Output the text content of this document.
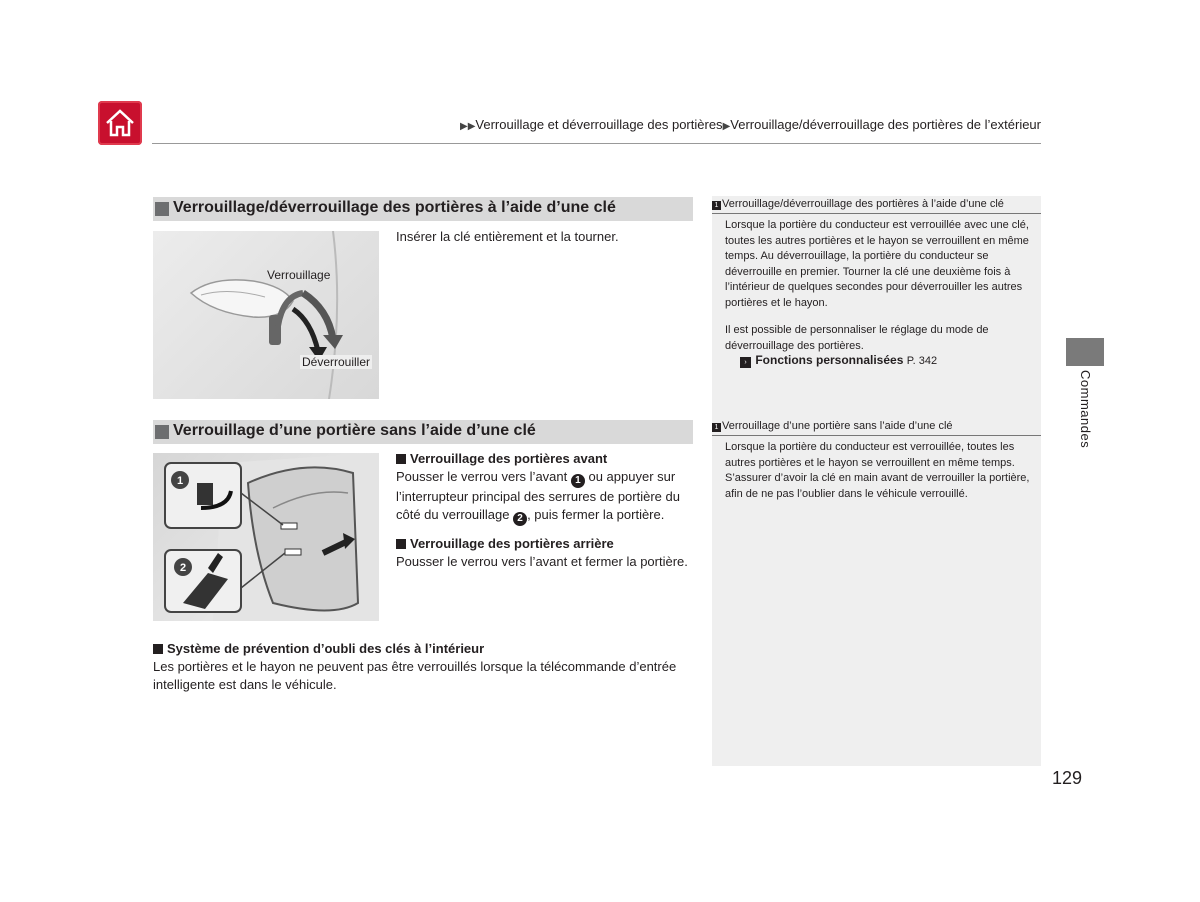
▶▶Verrouillage et déverrouillage des portières▶Verrouillage/déverrouillage des portières de l’extérieur
Verrouillage/déverrouillage des portières à l’aide d’une clé
Verrouillage
Déverrouiller
Insérer la clé entièrement et la tourner.
Verrouillage d’une portière sans l’aide d’une clé
1
2
Verrouillage des portières avant
Pousser le verrou vers l’avant 1 ou appuyer sur l’interrupteur principal des serrures de portière du côté du verrouillage 2 , puis fermer la portière.
Verrouillage des portières arrière
Pousser le verrou vers l’avant et fermer la portière.
Système de prévention d’oubli des clés à l’intérieur
Les portières et le hayon ne peuvent pas être verrouillés lorsque la télécommande d’entrée intelligente est dans le véhicule.
1 Verrouillage/déverrouillage des portières à l’aide d’une clé
Lorsque la portière du conducteur est verrouillée avec une clé, toutes les autres portières et le hayon se verrouillent en même temps. Au déverrouillage, la portière du conducteur se déverrouille en premier. Tourner la clé une deuxième fois à l’intérieur de quelques secondes pour déverrouiller les autres portières et le hayon.
Il est possible de personnaliser le réglage du mode de déverrouillage des portières.
› Fonctions personnalisées P. 342
1 Verrouillage d’une portière sans l’aide d’une clé
Lorsque la portière du conducteur est verrouillée, toutes les autres portières et le hayon se verrouillent en même temps. S’assurer d’avoir la clé en main avant de verrouiller la portière, afin de ne pas l’oublier dans le véhicule verrouillé.
Commandes
129
